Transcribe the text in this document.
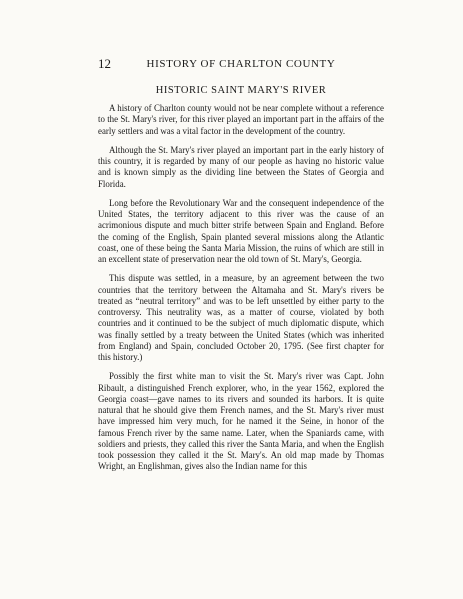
12	HISTORY OF CHARLTON COUNTY
HISTORIC SAINT MARY'S RIVER

A history of Charlton county would not be near complete without a reference to the St. Mary's river, for this river played an important part in the affairs of the early settlers and was a vital factor in the development of the country.

Although the St. Mary's river played an important part in the early history of this country, it is regarded by many of our people as having no historic value and is known simply as the dividing line between the States of Georgia and Florida.

Long before the Revolutionary War and the consequent independence of the United States, the territory adjacent to this river was the cause of an acrimonious dispute and much bitter strife between Spain and England. Before the coming of the English, Spain planted several missions along the Atlantic coast, one of these being the Santa Maria Mission, the ruins of which are still in an excellent state of preservation near the old town of St. Mary's, Georgia.

This dispute was settled, in a measure, by an agreement between the two countries that the territory between the Altamaha and St. Mary's rivers be treated as “neutral territory” and was to be left unsettled by either party to the controversy. This neutrality was, as a matter of course, violated by both countries and it continued to be the subject of much diplomatic dispute, which was finally settled by a treaty between the United States (which was inherited from England) and Spain, concluded October 20, 1795. (See first chapter for this history.)

Possibly the first white man to visit the St. Mary's river was Capt. John Ribault, a distinguished French explorer, who, in the year 1562, explored the Georgia coast—gave names to its rivers and sounded its harbors. It is quite natural that he should give them French names, and the St. Mary's river must have impressed him very much, for he named it the Seine, in honor of the famous French river by the same name. Later, when the Spaniards came, with soldiers and priests, they called this river the Santa Maria, and when the English took possession they called it the St. Mary's. An old map made by Thomas Wright, an Englishman, gives also the Indian name for this
